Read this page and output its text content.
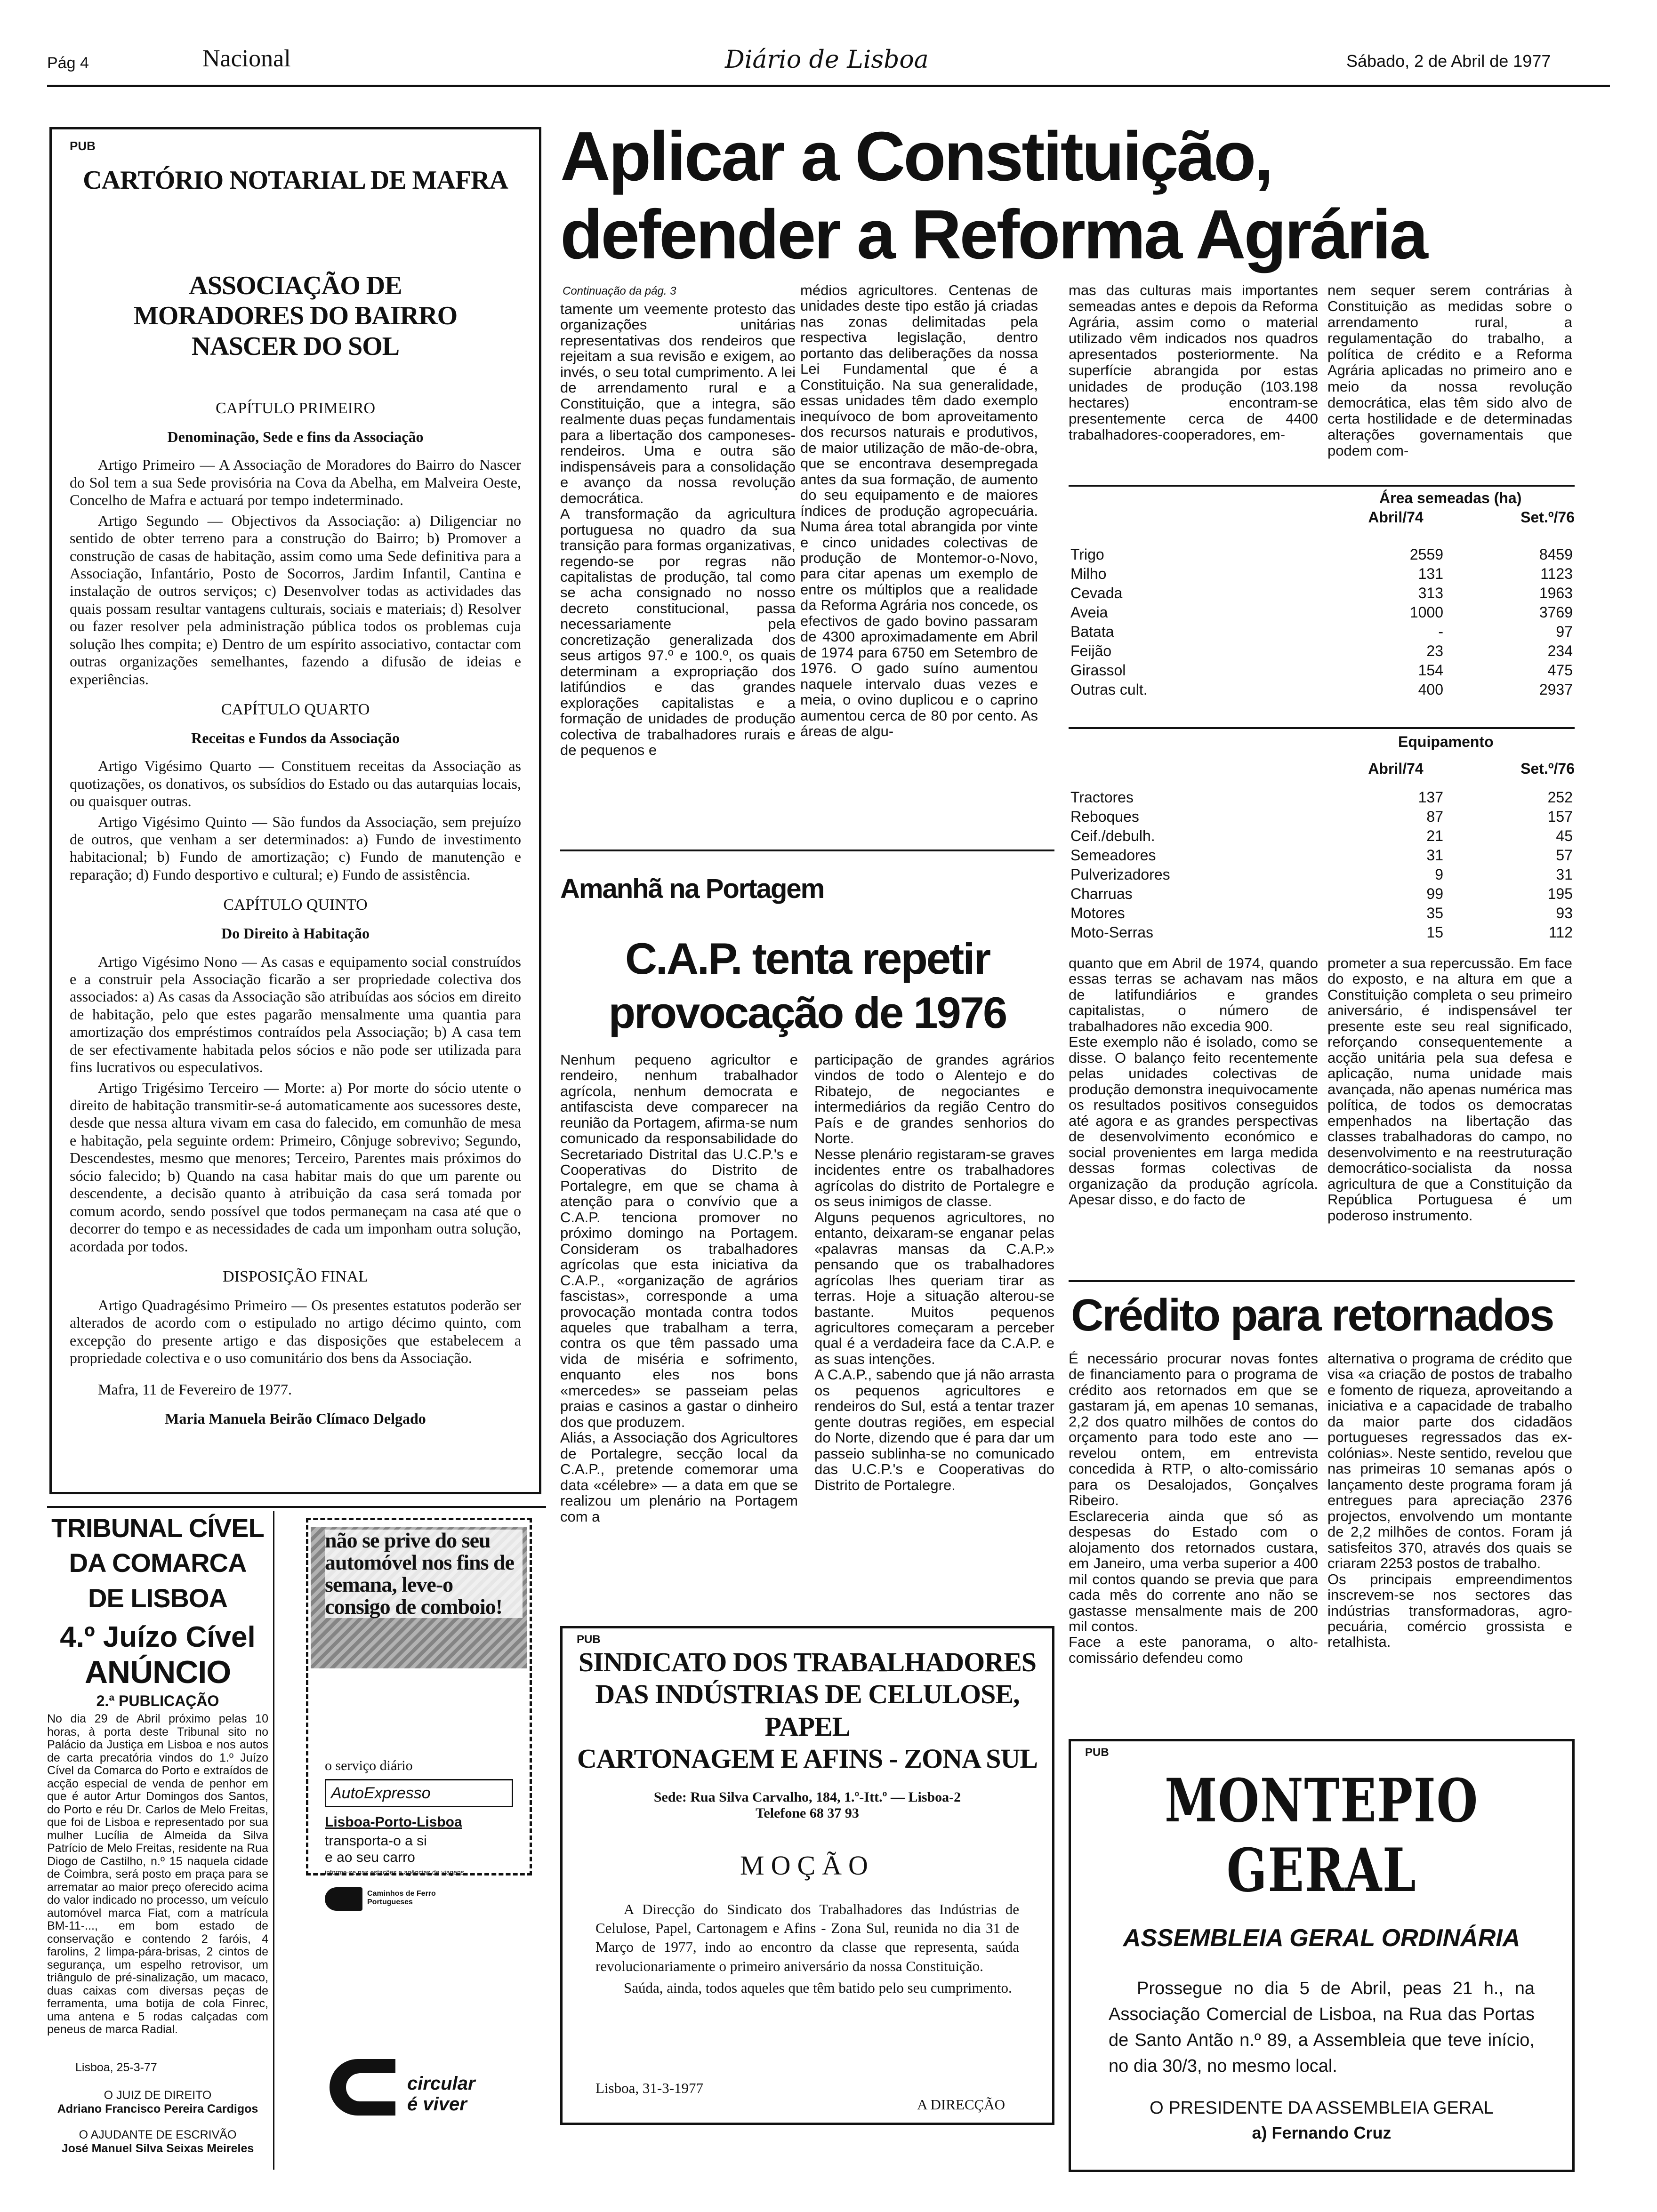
Pág 4	Nacional	Diário de Lisboa	Sábado, 2 de Abril de 1977
PUB
CARTÓRIO NOTARIAL DE MAFRA
ASSOCIAÇÃO DE MORADORES DO BAIRRO NASCER DO SOL
CAPÍTULO PRIMEIRO
Denominação, Sede e fins da Associação

Artigo Primeiro — A Associação de Moradores do Bairro do Nascer do Sol tem a sua Sede provisória na Cova da Abelha, em Malveira Oeste, Concelho de Mafra e actuará por tempo indeterminado.

Artigo Segundo — Objectivos da Associação: a) Diligenciar no sentido de obter terreno para a construção do Bairro; b) Promover a construção de casas de habitação, assim como uma Sede definitiva para a Associação, Infantário, Posto de Socorros, Jardim Infantil, Cantina e instalação de outros serviços; c) Desenvolver todas as actividades das quais possam resultar vantagens culturais, sociais e materiais; d) Resolver ou fazer resolver pela administração pública todos os problemas cuja solução lhes compita; e) Dentro de um espírito associativo, contactar com outras organizações semelhantes, fazendo a difusão de ideias e experiências.

CAPÍTULO QUARTO
Receitas e Fundos da Associação

Artigo Vigésimo Quarto — Constituem receitas da Associação as quotizações, os donativos, os subsídios do Estado ou das autarquias locais, ou quaisquer outras.

Artigo Vigésimo Quinto — São fundos da Associação, sem prejuízo de outros, que venham a ser determinados: a) Fundo de investimento habitacional; b) Fundo de amortização; c) Fundo de manutenção e reparação; d) Fundo desportivo e cultural; e) Fundo de assistência.

CAPÍTULO QUINTO
Do Direito à Habitação

Artigo Vigésimo Nono — As casas e equipamento social construídos e a construir pela Associação ficarão a ser propriedade colectiva dos associados: a) As casas da Associação são atribuídas aos sócios em direito de habitação, pelo que estes pagarão mensalmente uma quantia para amortização dos empréstimos contraídos pela Associação; b) A casa tem de ser efectivamente habitada pelos sócios e não pode ser utilizada para fins lucrativos ou especulativos.

Artigo Trigésimo Terceiro — Morte: a) Por morte do sócio utente o direito de habitação transmitir-se-á automaticamente aos sucessores deste, desde que nessa altura vivam em casa do falecido, em comunhão de mesa e habitação, pela seguinte ordem: Primeiro, Cônjuge sobrevivo; Segundo, Descendestes, mesmo que menores; Terceiro, Parentes mais próximos do sócio falecido; b) Quando na casa habitar mais do que um parente ou descendente, a decisão quanto à atribuição da casa será tomada por comum acordo, sendo possível que todos permaneçam na casa até que o decorrer do tempo e as necessidades de cada um imponham outra solução, acordada por todos.

DISPOSIÇÃO FINAL

Artigo Quadragésimo Primeiro — Os presentes estatutos poderão ser alterados de acordo com o estipulado no artigo décimo quinto, com excepção do presente artigo e das disposições que estabelecem a propriedade colectiva e o uso comunitário dos bens da Associação.

Mafra, 11 de Fevereiro de 1977.

Maria Manuela Beirão Clímaco Delgado

Aplicar a Constituição,
defender a Reforma Agrária
Continuação da pág. 3
tamente um veemente protesto das organizações unitárias representativas dos rendeiros que rejeitam a sua revisão e exigem, ao invés, o seu total cumprimento. A lei de arrendamento rural e a Constituição, que a integra, são realmente duas peças fundamentais para a libertação dos camponeses-rendeiros. Uma e outra são indispensáveis para a consolidação e avanço da nossa revolução democrática.
A transformação da agricultura portuguesa no quadro da sua transição para formas organizativas, regendo-se por regras não capitalistas de produção, tal como se acha consignado no nosso decreto constitucional, passa necessariamente pela concretização generalizada dos seus artigos 97.º e 100.º, os quais determinam a expropriação dos latifúndios e das grandes explorações capitalistas e a formação de unidades de produção colectiva de trabalhadores rurais e de pequenos e
médios agricultores. Centenas de unidades deste tipo estão já criadas nas zonas delimitadas pela respectiva legislação, dentro portanto das deliberações da nossa Lei Fundamental que é a Constituição. Na sua generalidade, essas unidades têm dado exemplo inequívoco de bom aproveitamento dos recursos naturais e produtivos, de maior utilização de mão-de-obra, que se encontrava desempregada antes da sua formação, de aumento do seu equipamento e de maiores índices de produção agropecuária. Numa área total abrangida por vinte e cinco unidades colectivas de produção de Montemor-o-Novo, para citar apenas um exemplo de entre os múltiplos que a realidade da Reforma Agrária nos concede, os efectivos de gado bovino passaram de 4300 aproximadamente em Abril de 1974 para 6750 em Setembro de 1976. O gado suíno aumentou naquele intervalo duas vezes e meia, o ovino duplicou e o caprino aumentou cerca de 80 por cento. As áreas de algu-
mas das culturas mais importantes semeadas antes e depois da Reforma Agrária, assim como o material utilizado vêm indicados nos quadros apresentados posteriormente. Na superfície abrangida por estas unidades de produção (103.198 hectares) encontram-se presentemente cerca de 4400 trabalhadores-cooperadores, em-
nem sequer serem contrárias à Constituição as medidas sobre o arrendamento rural, a regulamentação do trabalho, a política de crédito e a Reforma Agrária aplicadas no primeiro ano e meio da nossa revolução democrática, elas têm sido alvo de certa hostilidade e de determinadas alterações governamentais que podem com-
Área semeadas (ha)
Abril/74	Set.º/76
Trigo	2559	8459
Milho	131	1123
Cevada	313	1963
Aveia	1000	3769
Batata	-	97
Feijão	23	234
Girassol	154	475
Outras cult.	400	2937
Equipamento
Abril/74	Set.º/76
Tractores	137	252
Reboques	87	157
Ceif./debulh.	21	45
Semeadores	31	57
Pulverizadores	9	31
Charruas	99	195
Motores	35	93
Moto-Serras	15	112
quanto que em Abril de 1974, quando essas terras se achavam nas mãos de latifundiários e grandes capitalistas, o número de trabalhadores não excedia 900.
Este exemplo não é isolado, como se disse. O balanço feito recentemente pelas unidades colectivas de produção demonstra inequivocamente os resultados positivos conseguidos até agora e as grandes perspectivas de desenvolvimento económico e social provenientes em larga medida dessas formas colectivas de organização da produção agrícola. Apesar disso, e do facto de
prometer a sua repercussão. Em face do exposto, e na altura em que a Constituição completa o seu primeiro aniversário, é indispensável ter presente este seu real significado, reforçando consequentemente a acção unitária pela sua defesa e aplicação, numa unidade mais avançada, não apenas numérica mas política, de todos os democratas empenhados na libertação das classes trabalhadoras do campo, no desenvolvimento e na reestruturação democrático-socialista da nossa agricultura de que a Constituição da República Portuguesa é um poderoso instrumento.
Amanhã na Portagem
C.A.P. tenta repetir
provocação de 1976
Nenhum pequeno agricultor e rendeiro, nenhum trabalhador agrícola, nenhum democrata e antifascista deve comparecer na reunião da Portagem, afirma-se num comunicado da responsabilidade do Secretariado Distrital das U.C.P.'s e Cooperativas do Distrito de Portalegre, em que se chama à atenção para o convívio que a C.A.P. tenciona promover no próximo domingo na Portagem. Consideram os trabalhadores agrícolas que esta iniciativa da C.A.P., «organização de agrários fascistas», corresponde a uma provocação montada contra todos aqueles que trabalham a terra, contra os que têm passado uma vida de miséria e sofrimento, enquanto eles nos bons «mercedes» se passeiam pelas praias e casinos a gastar o dinheiro dos que produzem.
Aliás, a Associação dos Agricultores de Portalegre, secção local da C.A.P., pretende comemorar uma data «célebre» — a data em que se realizou um plenário na Portagem com a
participação de grandes agrários vindos de todo o Alentejo e do Ribatejo, de negociantes e intermediários da região Centro do País e de grandes senhorios do Norte.
Nesse plenário registaram-se graves incidentes entre os trabalhadores agrícolas do distrito de Portalegre e os seus inimigos de classe.
Alguns pequenos agricultores, no entanto, deixaram-se enganar pelas «palavras mansas da C.A.P.» pensando que os trabalhadores agrícolas lhes queriam tirar as terras. Hoje a situação alterou-se bastante. Muitos pequenos agricultores começaram a perceber qual é a verdadeira face da C.A.P. e as suas intenções.
A C.A.P., sabendo que já não arrasta os pequenos agricultores e rendeiros do Sul, está a tentar trazer gente doutras regiões, em especial do Norte, dizendo que é para dar um passeio sublinha-se no comunicado das U.C.P.'s e Cooperativas do Distrito de Portalegre.
Crédito para retornados
É necessário procurar novas fontes de financiamento para o programa de crédito aos retornados em que se gastaram já, em apenas 10 semanas, 2,2 dos quatro milhões de contos do orçamento para todo este ano — revelou ontem, em entrevista concedida à RTP, o alto-comissário para os Desalojados, Gonçalves Ribeiro.
Esclareceria ainda que só as despesas do Estado com o alojamento dos retornados custara, em Janeiro, uma verba superior a 400 mil contos quando se previa que para cada mês do corrente ano não se gastasse mensalmente mais de 200 mil contos.
Face a este panorama, o alto-comissário defendeu como
alternativa o programa de crédito que visa «a criação de postos de trabalho e fomento de riqueza, aproveitando a iniciativa e a capacidade de trabalho da maior parte dos cidadãos portugueses regressados das ex-colónias». Neste sentido, revelou que nas primeiras 10 semanas após o lançamento deste programa foram já entregues para apreciação 2376 projectos, envolvendo um montante de 2,2 milhões de contos. Foram já satisfeitos 370, através dos quais se criaram 2253 postos de trabalho.
Os principais empreendimentos inscrevem-se nos sectores das indústrias transformadoras, agro-pecuária, comércio grossista e retalhista.
TRIBUNAL CÍVEL
DA COMARCA
DE LISBOA
4.º Juízo Cível
ANÚNCIO
2.ª PUBLICAÇÃO
No dia 29 de Abril próximo pelas 10 horas, à porta deste Tribunal sito no Palácio da Justiça em Lisboa e nos autos de carta precatória vindos do 1.º Juízo Cível da Comarca do Porto e extraídos de acção especial de venda de penhor em que é autor Artur Domingos dos Santos, do Porto e réu Dr. Carlos de Melo Freitas, que foi de Lisboa e representado por sua mulher Lucília de Almeida da Silva Patrício de Melo Freitas, residente na Rua Diogo de Castilho, n.º 15 naquela cidade de Coimbra, será posto em praça para se arrematar ao maior preço oferecido acima do valor indicado no processo, um veículo automóvel marca Fiat, com a matrícula BM-11-..., em bom estado de conservação e contendo 2 faróis, 4 farolins, 2 limpa-pára-brisas, 2 cintos de segurança, um espelho retrovisor, um triângulo de pré-sinalização, um macaco, duas caixas com diversas peças de ferramenta, uma botija de cola Finrec, uma antena e 5 rodas calçadas com peneus de marca Radial.
Lisboa, 25-3-77
O JUIZ DE DIREITO
Adriano Francisco Pereira Cardigos
O AJUDANTE DE ESCRIVÃO
José Manuel Silva Seixas Meireles
não se prive do seu automóvel nos fins de semana, leve-o consigo de comboio!
o serviço diário
AutoExpresso
Lisboa-Porto-Lisboa
transporta-o a si
e ao seu carro
informe-se nas estações e agências de viagens
Caminhos de Ferro Portugueses
circular
é viver
PUB
SINDICATO DOS TRABALHADORES
DAS INDÚSTRIAS DE CELULOSE, PAPEL
CARTONAGEM E AFINS - ZONA SUL
Sede: Rua Silva Carvalho, 184, 1.º-Itt.º — Lisboa-2
Telefone 68 37 93
MOÇÃO
A Direcção do Sindicato dos Trabalhadores das Indústrias de Celulose, Papel, Cartonagem e Afins - Zona Sul, reunida no dia 31 de Março de 1977, indo ao encontro da classe que representa, saúda revolucionariamente o primeiro aniversário da nossa Constituição.
Saúda, ainda, todos aqueles que têm batido pelo seu cumprimento.
Lisboa, 31-3-1977
A DIRECÇÃO
PUB
MONTEPIO GERAL
ASSEMBLEIA GERAL ORDINÁRIA
Prossegue no dia 5 de Abril, peas 21 h., na Associação Comercial de Lisboa, na Rua das Portas de Santo Antão n.º 89, a Assembleia que teve início, no dia 30/3, no mesmo local.
O PRESIDENTE DA ASSEMBLEIA GERAL
a) Fernando Cruz
